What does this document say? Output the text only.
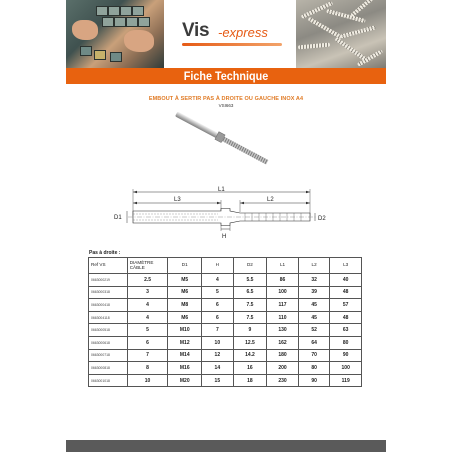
Vis -express
Fiche Technique
EMBOUT À SERTIR PAS À DROITE OU GAUCHE INOX A4
VSI663
L1
L3	L2
D1	D2
H
Pas à droite :
Ref VS	DIAMÈTRE CÂBLE	D1	H	D2	L1	L2	L3
0663000219	2.5	M5	4	5.5	86	32	40
0663000318	3	M6	5	6.5	100	39	48
0663000418	4	M8	6	7.5	117	45	57
0663004118	4	M6	6	7.5	110	45	48
0663000518	5	M10	7	9	130	52	63
0663000618	6	M12	10	12.5	162	64	80
0663000718	7	M14	12	14.2	180	70	90
0663000818	8	M16	14	16	200	80	100
0663001018	10	M20	15	18	230	90	119
